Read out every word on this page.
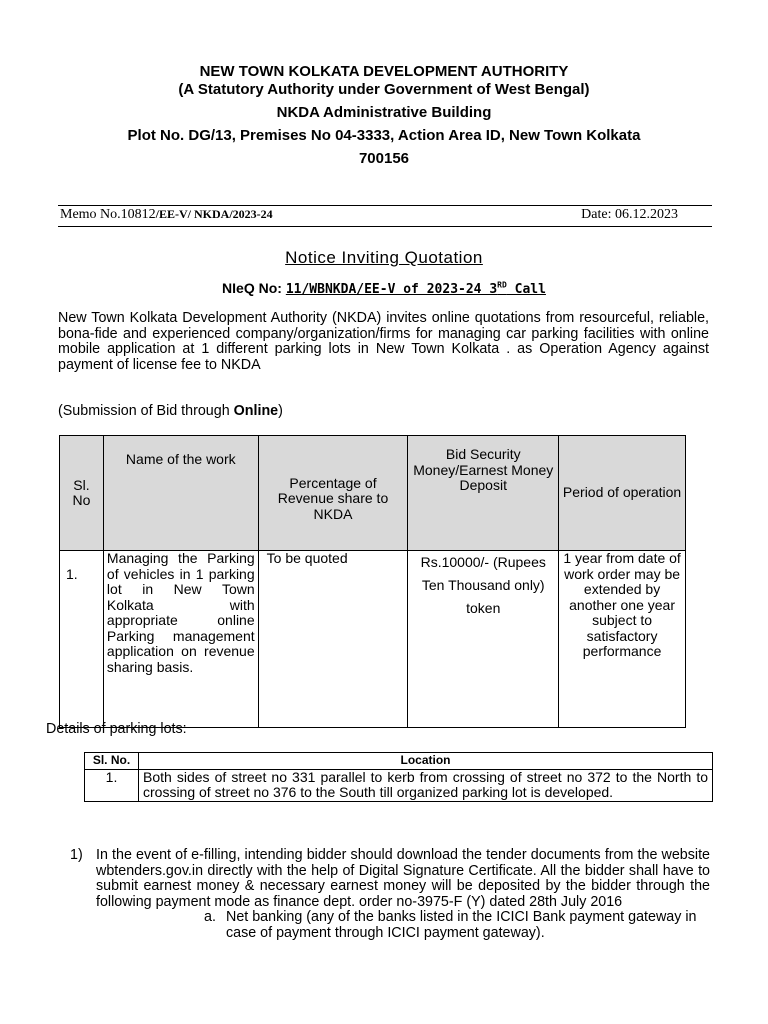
NEW TOWN KOLKATA DEVELOPMENT AUTHORITY
(A Statutory Authority under Government of West Bengal)
NKDA Administrative Building
Plot No. DG/13, Premises No 04-3333, Action Area ID, New Town Kolkata
700156
Memo No.10812/EE-V/ NKDA/2023-24	Date: 06.12.2023
Notice Inviting Quotation
NIeQ No: 11/WBNKDA/EE-V of 2023-24 3RD Call
New Town Kolkata Development Authority (NKDA) invites online quotations from resourceful, reliable, bona-fide and experienced company/organization/firms for managing car parking facilities with online mobile application at 1 different parking lots in New Town Kolkata . as Operation Agency against payment of license fee to NKDA
(Submission of Bid through Online)
Sl. No	Name of the work	Percentage of Revenue share to NKDA	Bid Security Money/Earnest Money Deposit	Period of operation
1.	Managing the Parking of vehicles in 1 parking lot in New Town Kolkata with appropriate online Parking management application on revenue sharing basis.	To be quoted	Rs.10000/- (Rupees Ten Thousand only) token	1 year from date of work order may be extended by another one year subject to satisfactory performance
Details of parking lots:
Sl. No.	Location
1.	Both sides of street no 331 parallel to kerb from crossing of street no 372 to the North to crossing of street no 376 to the South till organized parking lot is developed.
1) In the event of e-filling, intending bidder should download the tender documents from the website wbtenders.gov.in directly with the help of Digital Signature Certificate. All the bidder shall have to submit earnest money & necessary earnest money will be deposited by the bidder through the following payment mode as finance dept. order no-3975-F (Y) dated 28th July 2016
a. Net banking (any of the banks listed in the ICICI Bank payment gateway in case of payment through ICICI payment gateway).
